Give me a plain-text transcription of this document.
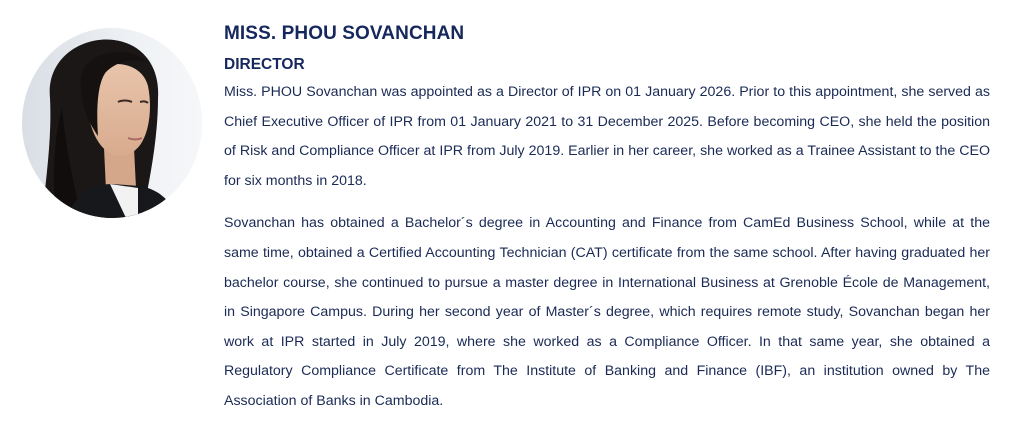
MISS. PHOU SOVANCHAN
DIRECTOR

Miss. PHOU Sovanchan was appointed as a Director of IPR on 01 January 2026. Prior to this appointment, she served as Chief Executive Officer of IPR from 01 January 2021 to 31 December 2025. Before becoming CEO, she held the position of Risk and Compliance Officer at IPR from July 2019. Earlier in her career, she worked as a Trainee Assistant to the CEO for six months in 2018.

Sovanchan has obtained a Bachelor´s degree in Accounting and Finance from CamEd Business School, while at the same time, obtained a Certified Accounting Technician (CAT) certificate from the same school. After having graduated her bachelor course, she continued to pursue a master degree in International Business at Grenoble École de Management, in Singapore Campus. During her second year of Master´s degree, which requires remote study, Sovanchan began her work at IPR started in July 2019, where she worked as a Compliance Officer. In that same year, she obtained a Regulatory Compliance Certificate from The Institute of Banking and Finance (IBF), an institution owned by The Association of Banks in Cambodia.
